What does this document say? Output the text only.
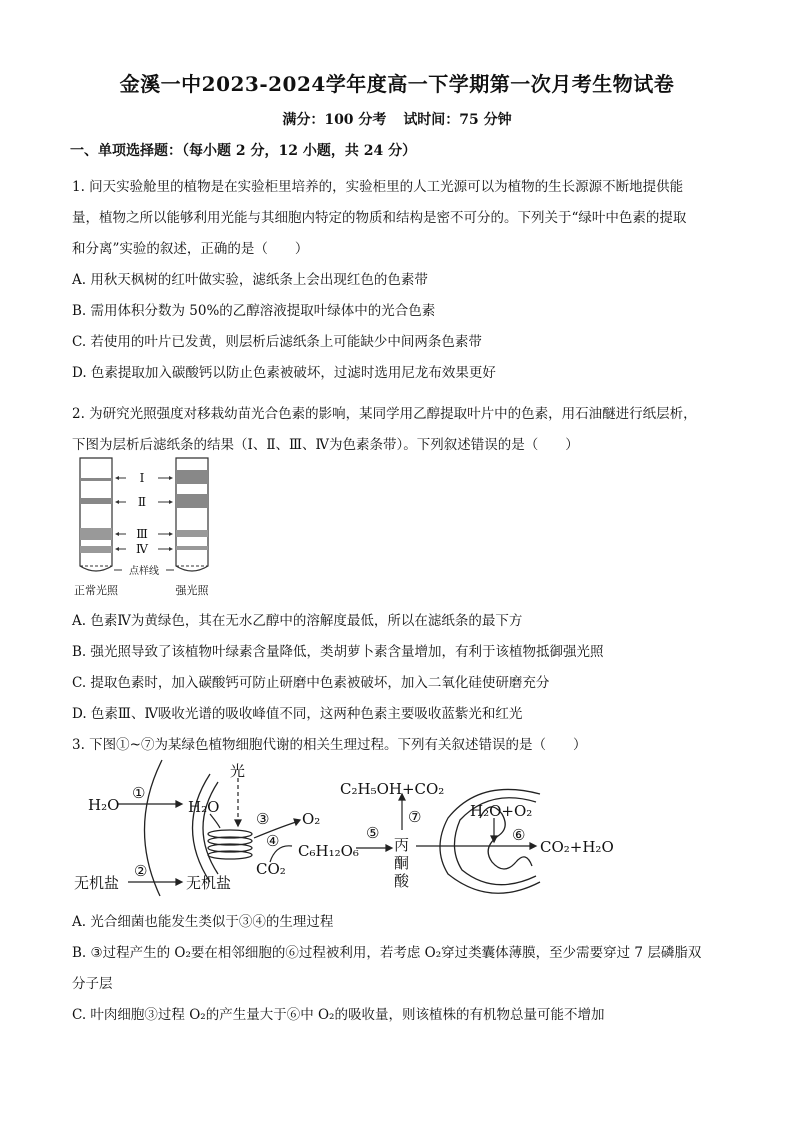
金溪一中2023-2024学年度高一下学期第一次月考生物试卷
满分：100 分考 试时间：75 分钟
一、单项选择题：（每小题 2 分，12 小题，共 24 分）
1. 问天实验舱里的植物是在实验柜里培养的，实验柜里的人工光源可以为植物的生长源源不断地提供能
量，植物之所以能够利用光能与其细胞内特定的物质和结构是密不可分的。下列关于“绿叶中色素的提取
和分离”实验的叙述，正确的是（　　）
A. 用秋天枫树的红叶做实验，滤纸条上会出现红色的色素带
B. 需用体积分数为 50%的乙醇溶液提取叶绿体中的光合色素
C. 若使用的叶片已发黄，则层析后滤纸条上可能缺少中间两条色素带
D. 色素提取加入碳酸钙以防止色素被破坏，过滤时选用尼龙布效果更好
2. 为研究光照强度对移栽幼苗光合色素的影响，某同学用乙醇提取叶片中的色素，用石油醚进行纸层析，
下图为层析后滤纸条的结果（Ⅰ、Ⅱ、Ⅲ、Ⅳ为色素条带）。下列叙述错误的是（　　）
Ⅰ
Ⅱ
Ⅲ
Ⅳ
点样线
正常光照	强光照
A. 色素Ⅳ为黄绿色，其在无水乙醇中的溶解度最低，所以在滤纸条的最下方
B. 强光照导致了该植物叶绿素含量降低，类胡萝卜素含量增加，有利于该植物抵御强光照
C. 提取色素时，加入碳酸钙可防止研磨中色素被破坏，加入二氧化硅使研磨充分
D. 色素Ⅲ、Ⅳ吸收光谱的吸收峰值不同，这两种色素主要吸收蓝紫光和红光
3. 下图①~⑦为某绿色植物细胞代谢的相关生理过程。下列有关叙述错误的是（　　）
H₂O	H₂O
光
O₂
CO₂
C₆H₁₂O₆
C₂H₅OH+CO₂
丙
酮
酸
H₂O+O₂
CO₂+H₂O
无机盐	无机盐
①
②
③
④	⑤	⑥
⑦
A. 光合细菌也能发生类似于③④的生理过程
B. ③过程产生的 O₂要在相邻细胞的⑥过程被利用，若考虑 O₂穿过类囊体薄膜，至少需要穿过 7 层磷脂双
分子层
C. 叶肉细胞③过程 O₂的产生量大于⑥中 O₂的吸收量，则该植株的有机物总量可能不增加
